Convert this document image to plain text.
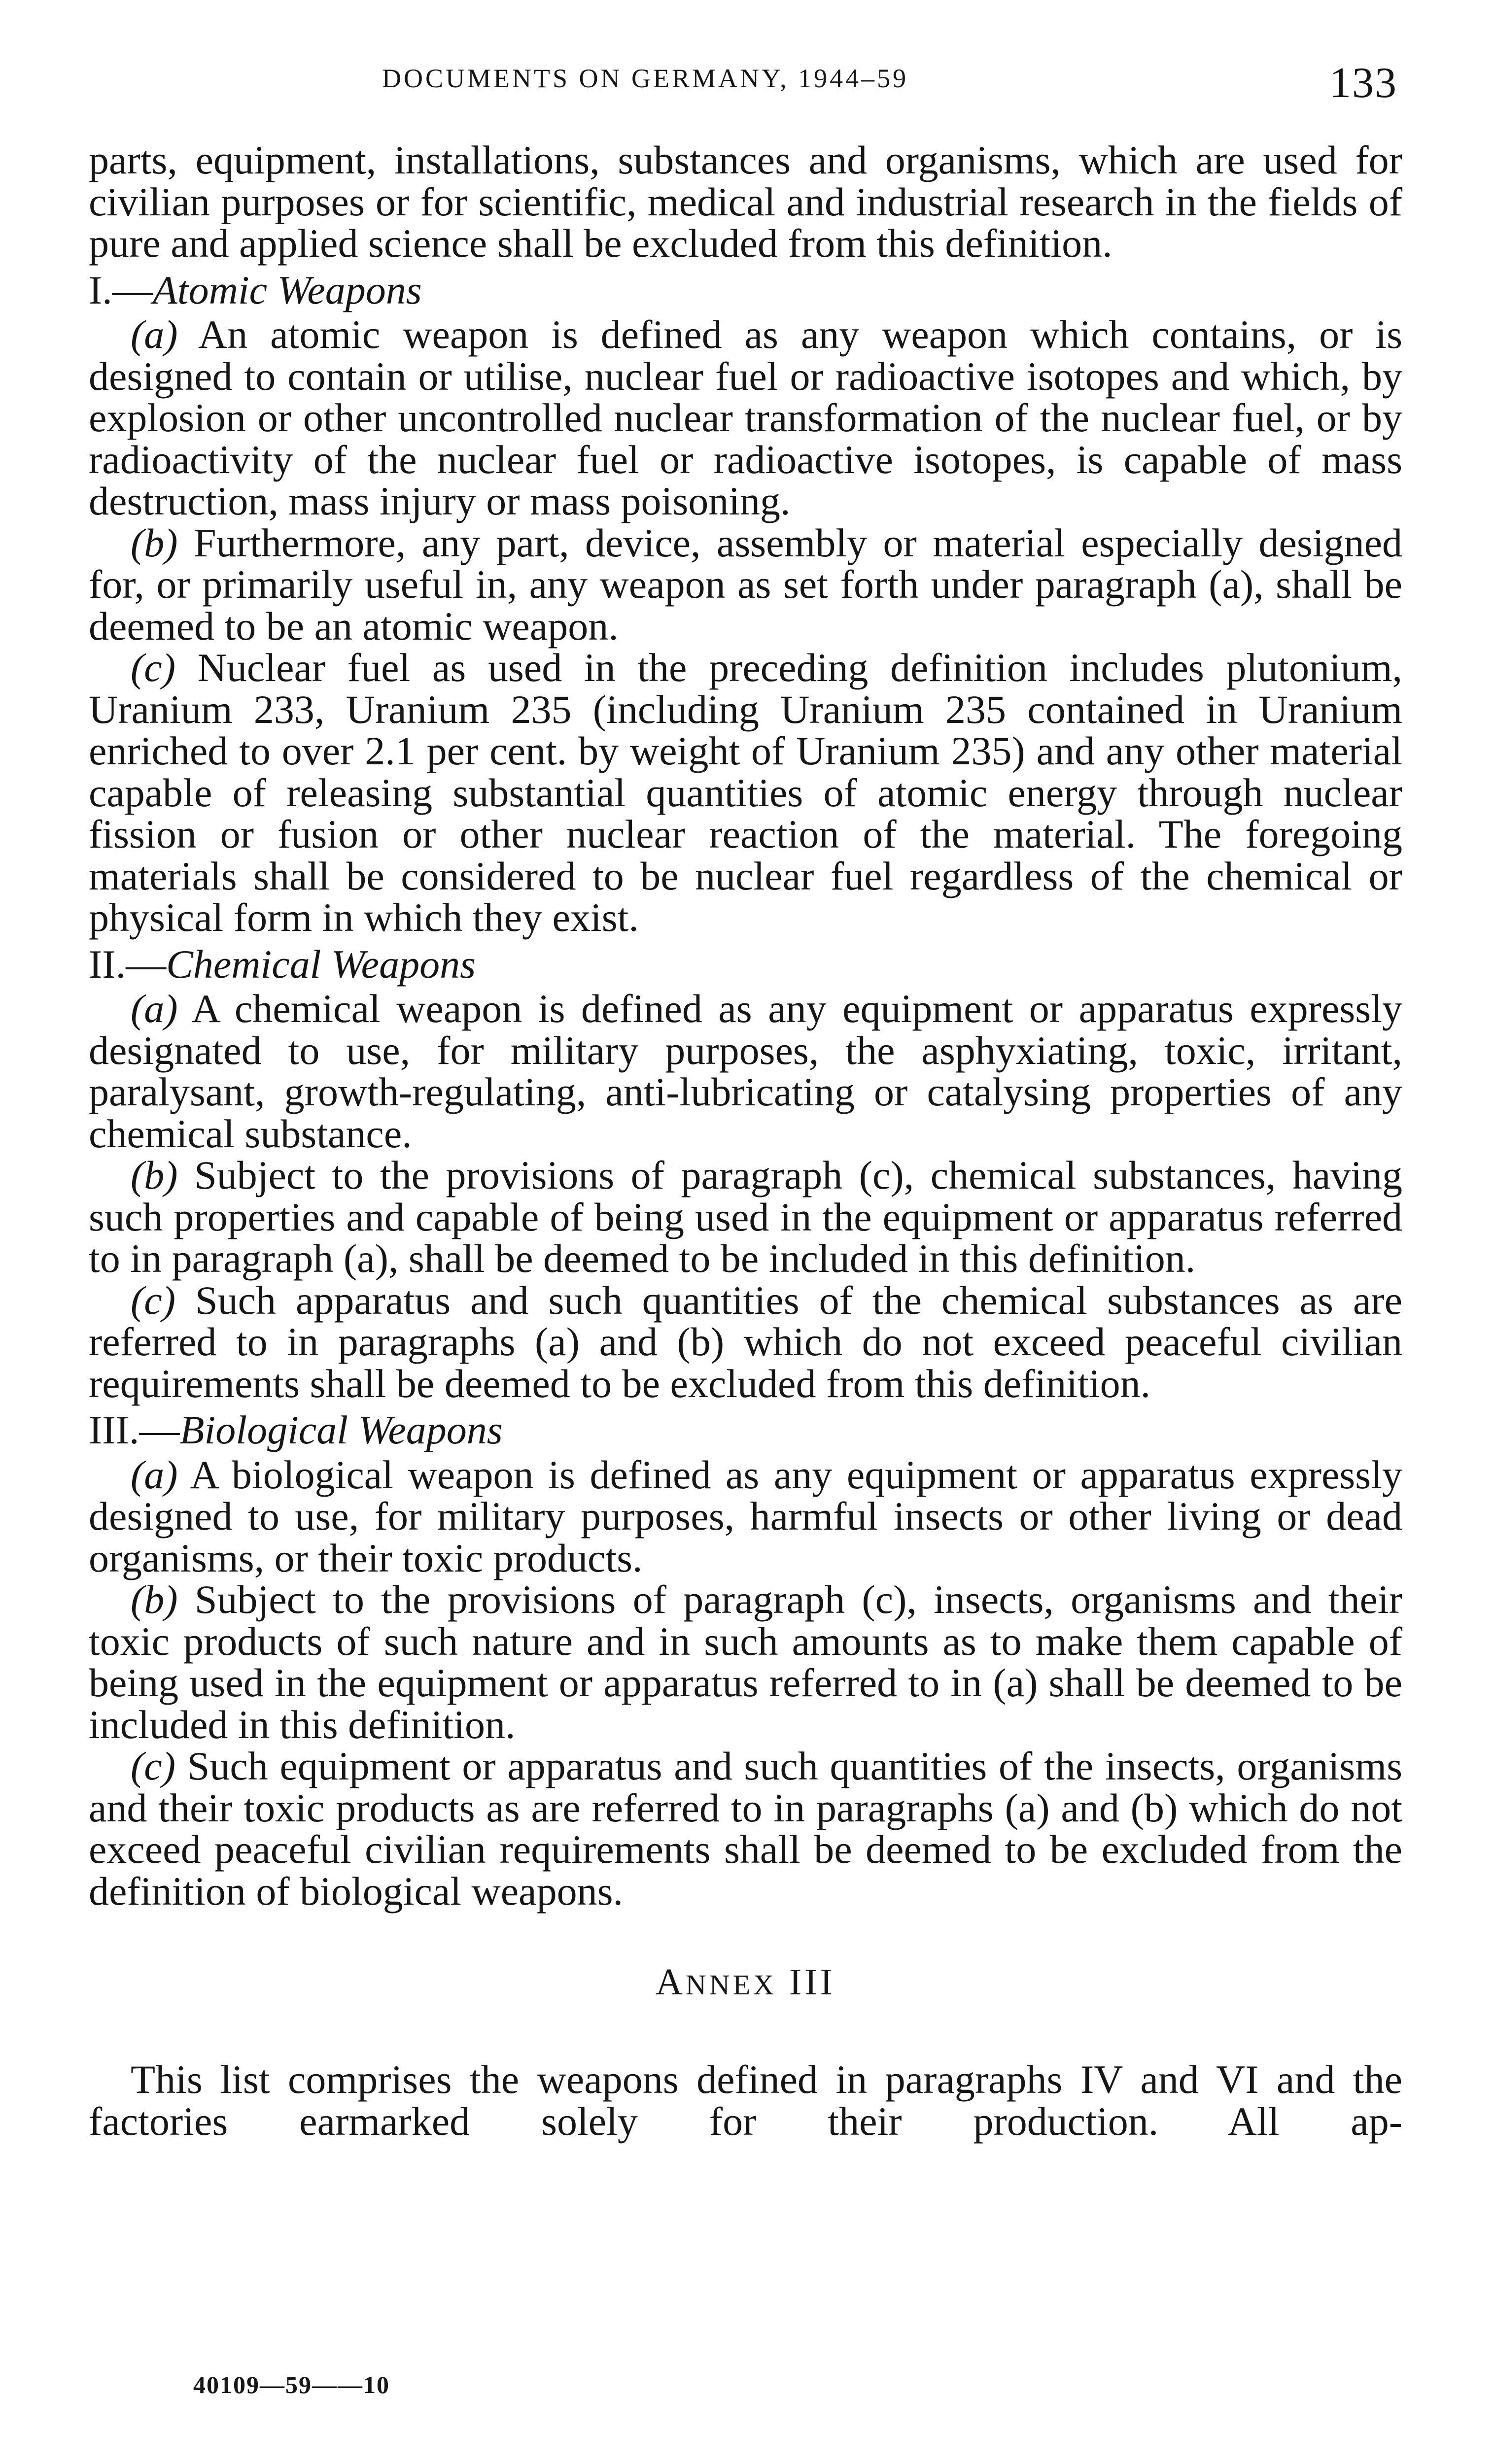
DOCUMENTS ON GERMANY, 1944–59	133

parts, equipment, installations, substances and organisms, which are used for civilian purposes or for scientific, medical and industrial research in the fields of pure and applied science shall be excluded from this definition.

I.—Atomic Weapons

(a) An atomic weapon is defined as any weapon which contains, or is designed to contain or utilise, nuclear fuel or radioactive isotopes and which, by explosion or other uncontrolled nuclear transformation of the nuclear fuel, or by radioactivity of the nuclear fuel or radioactive isotopes, is capable of mass destruction, mass injury or mass poisoning.

(b) Furthermore, any part, device, assembly or material especially designed for, or primarily useful in, any weapon as set forth under paragraph (a), shall be deemed to be an atomic weapon.

(c) Nuclear fuel as used in the preceding definition includes plutonium, Uranium 233, Uranium 235 (including Uranium 235 contained in Uranium enriched to over 2.1 per cent. by weight of Uranium 235) and any other material capable of releasing substantial quantities of atomic energy through nuclear fission or fusion or other nuclear reaction of the material. The foregoing materials shall be considered to be nuclear fuel regardless of the chemical or physical form in which they exist.

II.—Chemical Weapons

(a) A chemical weapon is defined as any equipment or apparatus expressly designated to use, for military purposes, the asphyxiating, toxic, irritant, paralysant, growth-regulating, anti-lubricating or catalysing properties of any chemical substance.

(b) Subject to the provisions of paragraph (c), chemical substances, having such properties and capable of being used in the equipment or apparatus referred to in paragraph (a), shall be deemed to be included in this definition.

(c) Such apparatus and such quantities of the chemical substances as are referred to in paragraphs (a) and (b) which do not exceed peaceful civilian requirements shall be deemed to be excluded from this definition.

III.—Biological Weapons

(a) A biological weapon is defined as any equipment or apparatus expressly designed to use, for military purposes, harmful insects or other living or dead organisms, or their toxic products.

(b) Subject to the provisions of paragraph (c), insects, organisms and their toxic products of such nature and in such amounts as to make them capable of being used in the equipment or apparatus referred to in (a) shall be deemed to be included in this definition.

(c) Such equipment or apparatus and such quantities of the insects, organisms and their toxic products as are referred to in paragraphs (a) and (b) which do not exceed peaceful civilian requirements shall be deemed to be excluded from the definition of biological weapons.

ANNEX III

This list comprises the weapons defined in paragraphs IV and VI and the factories earmarked solely for their production. All ap-

40109—59——10
